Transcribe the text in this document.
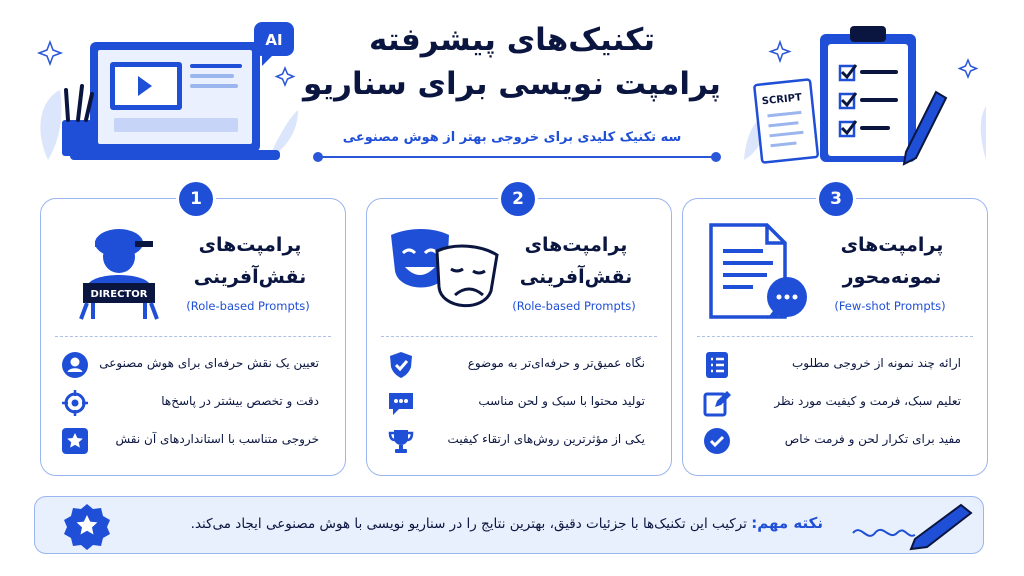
تکنیک‌های پیشرفته
پرامپت نویسی برای سناریو
سه تکنیک کلیدی برای خروجی بهتر از هوش مصنوعی
AI
SCRIPT
1
DIRECTOR
پرامپت‌های
نقش‌آفرینی
(Role-based Prompts)
تعیین یک نقش حرفه‌ای برای هوش مصنوعی
دقت و تخصص بیشتر در پاسخ‌ها
خروجی متناسب با استانداردهای آن نقش
2
پرامپت‌های
نقش‌آفرینی
(Role-based Prompts)
نگاه عمیق‌تر و حرفه‌ای‌تر به موضوع
تولید محتوا با سبک و لحن مناسب
یکی از مؤثرترین روش‌های ارتقاء کیفیت
3
پرامپت‌های
نمونه‌محور
(Few-shot Prompts)
ارائه چند نمونه از خروجی مطلوب
تعلیم سبک، فرمت و کیفیت مورد نظر
مفید برای تکرار لحن و فرمت خاص
نکته مهم: ترکیب این تکنیک‌ها با جزئیات دقیق، بهترین نتایج را در سناریو نویسی با هوش مصنوعی ایجاد می‌کند.
